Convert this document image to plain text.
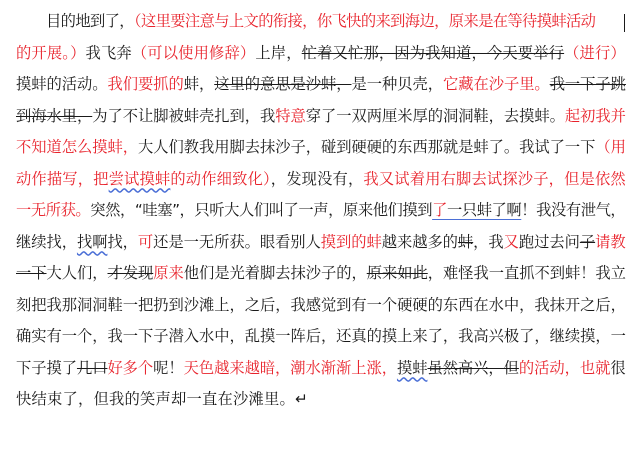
目的地到了，（这里要注意与上文的衔接，你飞快的来到海边，原来是在等待摸蚌活动
的开展。）我飞奔（可以使用修辞）上岸，忙着又忙那，因为我知道，今天要举行（进行）
摸蚌的活动。我们要抓的蚌，这里的意思是沙蚌，是一种贝壳，它藏在沙子里。我一下子跳
到海水里，为了不让脚被蚌壳扎到，我特意穿了一双两厘米厚的洞洞鞋，去摸蚌。起初我并
不知道怎么摸蚌，大人们教我用脚去抹沙子，碰到硬硬的东西那就是蚌了。我试了一下（用
动作描写，把尝试摸蚌的动作细致化），发现没有，我又试着用右脚去试探沙子，但是依然
一无所获。突然，“哇塞”，只听大人们叫了一声，原来他们摸到了一只蚌了啊！我没有泄气，
继续找，找啊找，可还是一无所获。眼看别人摸到的蚌越来越多的蚌，我又跑过去问子请教
一下大人们，才发现原来他们是光着脚去抹沙子的，原来如此，难怪我一直抓不到蚌！我立
刻把我那洞洞鞋一把扔到沙滩上，之后，我感觉到有一个硬硬的东西在水中，我抹开之后，
确实有一个，我一下子潜入水中，乱摸一阵后，还真的摸上来了，我高兴极了，继续摸，一
下子摸了几口好多个呢！天色越来越暗，潮水渐渐上涨，摸蚌虽然高兴，但的活动，也就很
快结束了，但我的笑声却一直在沙滩里。↵
